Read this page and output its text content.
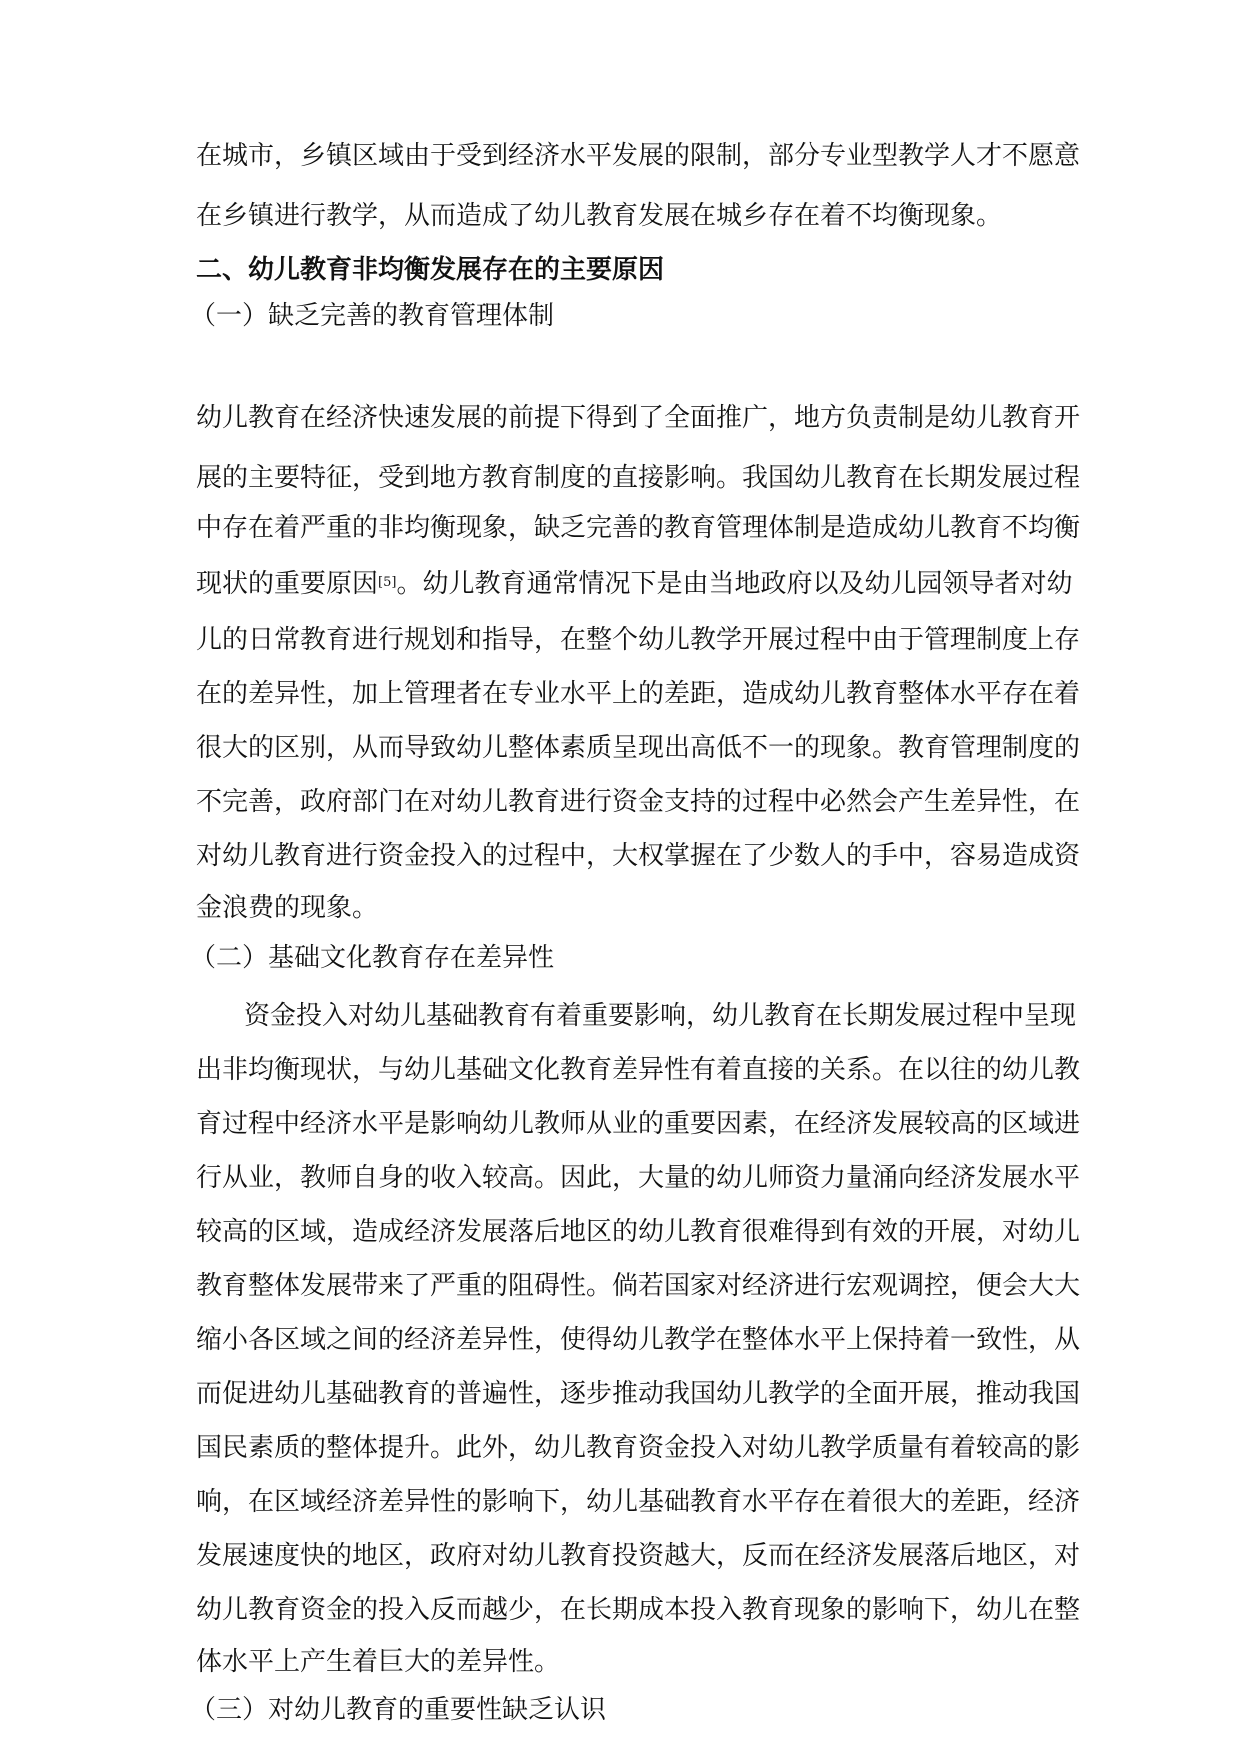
在城市，乡镇区域由于受到经济水平发展的限制，部分专业型教学人才不愿意
在乡镇进行教学，从而造成了幼儿教育发展在城乡存在着不均衡现象。
二、幼儿教育非均衡发展存在的主要原因
（一）缺乏完善的教育管理体制
幼儿教育在经济快速发展的前提下得到了全面推广，地方负责制是幼儿教育开
展的主要特征，受到地方教育制度的直接影响。我国幼儿教育在长期发展过程
中存在着严重的非均衡现象，缺乏完善的教育管理体制是造成幼儿教育不均衡
现状的重要原因[5]。幼儿教育通常情况下是由当地政府以及幼儿园领导者对幼
儿的日常教育进行规划和指导，在整个幼儿教学开展过程中由于管理制度上存
在的差异性，加上管理者在专业水平上的差距，造成幼儿教育整体水平存在着
很大的区别，从而导致幼儿整体素质呈现出高低不一的现象。教育管理制度的
不完善，政府部门在对幼儿教育进行资金支持的过程中必然会产生差异性，在
对幼儿教育进行资金投入的过程中，大权掌握在了少数人的手中，容易造成资
金浪费的现象。
（二）基础文化教育存在差异性
资金投入对幼儿基础教育有着重要影响，幼儿教育在长期发展过程中呈现
出非均衡现状，与幼儿基础文化教育差异性有着直接的关系。在以往的幼儿教
育过程中经济水平是影响幼儿教师从业的重要因素，在经济发展较高的区域进
行从业，教师自身的收入较高。因此，大量的幼儿师资力量涌向经济发展水平
较高的区域，造成经济发展落后地区的幼儿教育很难得到有效的开展，对幼儿
教育整体发展带来了严重的阻碍性。倘若国家对经济进行宏观调控，便会大大
缩小各区域之间的经济差异性，使得幼儿教学在整体水平上保持着一致性，从
而促进幼儿基础教育的普遍性，逐步推动我国幼儿教学的全面开展，推动我国
国民素质的整体提升。此外，幼儿教育资金投入对幼儿教学质量有着较高的影
响，在区域经济差异性的影响下，幼儿基础教育水平存在着很大的差距，经济
发展速度快的地区，政府对幼儿教育投资越大，反而在经济发展落后地区，对
幼儿教育资金的投入反而越少，在长期成本投入教育现象的影响下，幼儿在整
体水平上产生着巨大的差异性。
（三）对幼儿教育的重要性缺乏认识
